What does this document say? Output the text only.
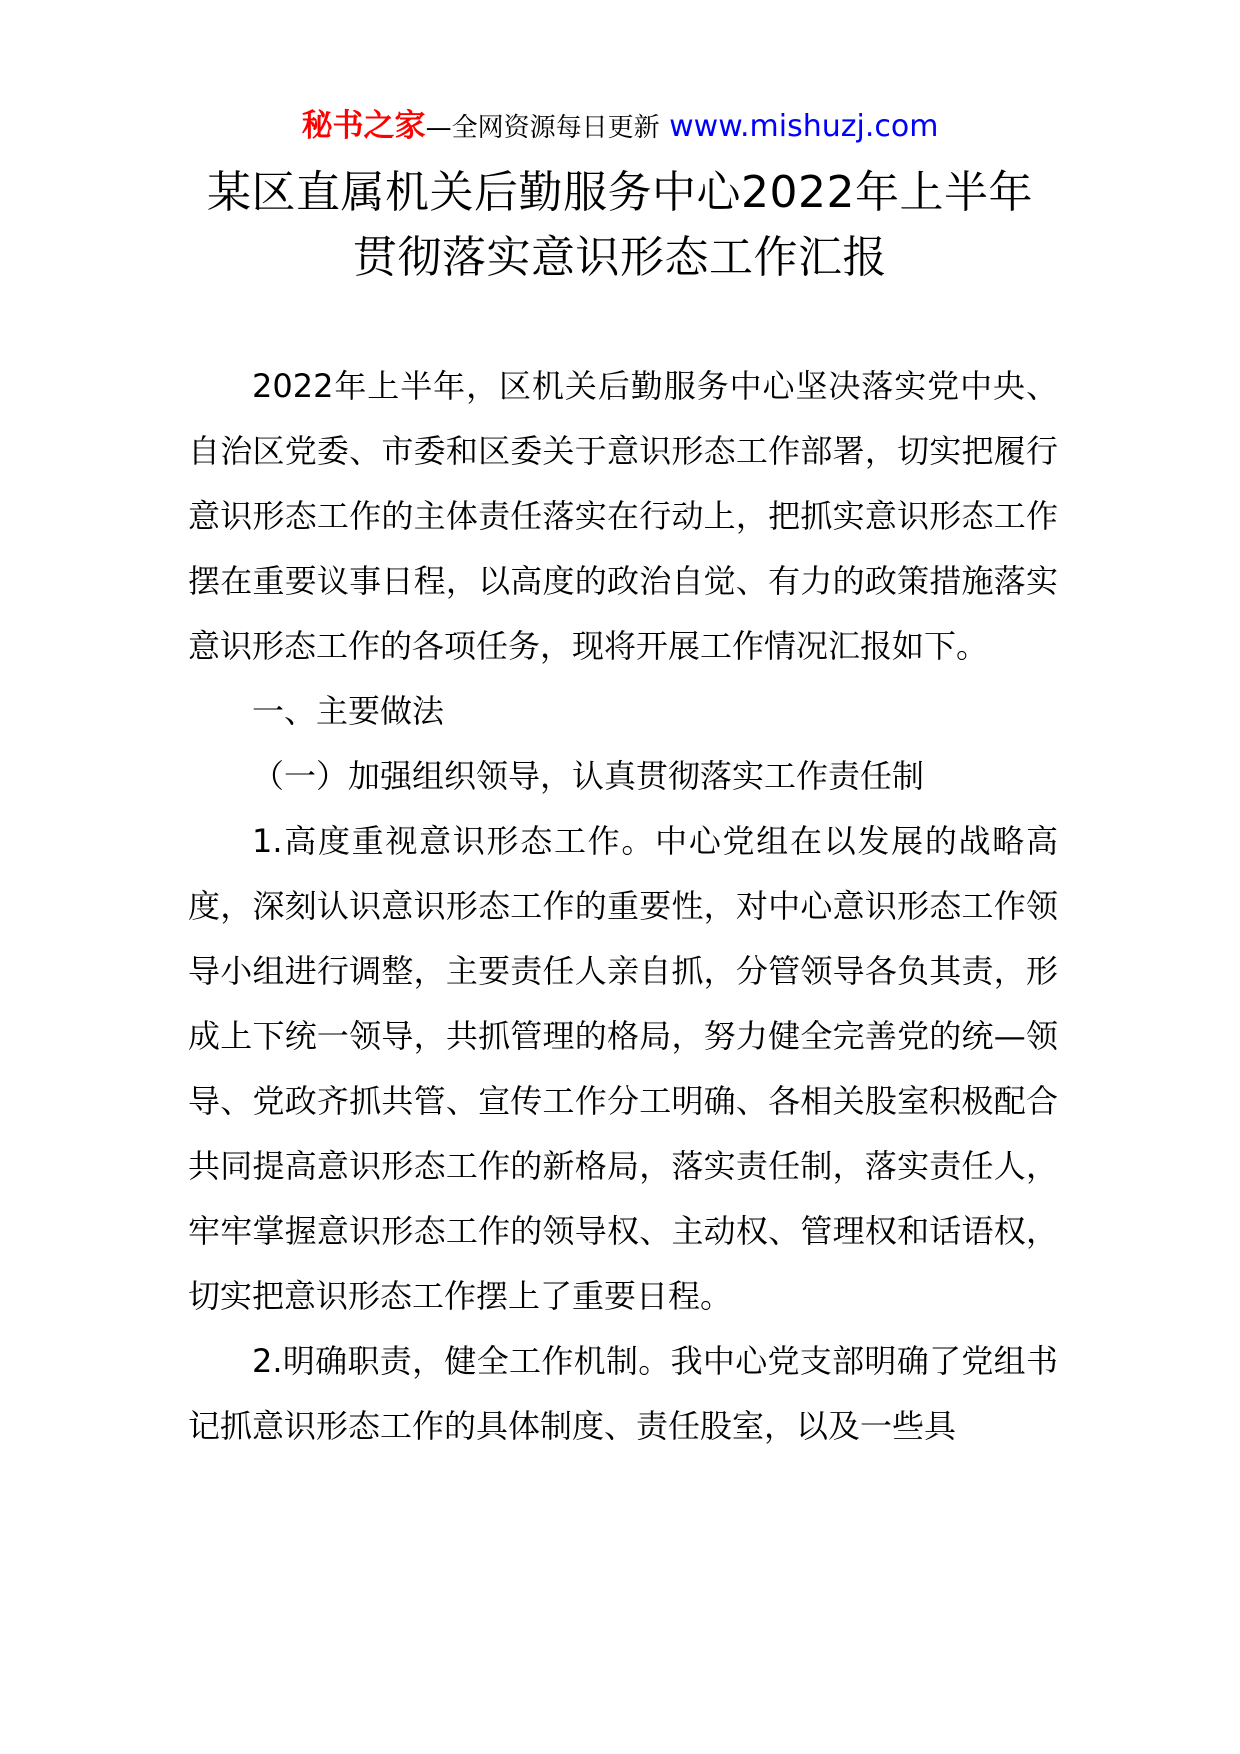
秘书之家—全网资源每日更新 www.mishuzj.com
某区直属机关后勤服务中心2022年上半年
贯彻落实意识形态工作汇报

2022年上半年，区机关后勤服务中心坚决落实党中央、自治区党委、市委和区委关于意识形态工作部署，切实把履行意识形态工作的主体责任落实在行动上，把抓实意识形态工作摆在重要议事日程，以高度的政治自觉、有力的政策措施落实意识形态工作的各项任务，现将开展工作情况汇报如下。

一、主要做法

（一）加强组织领导，认真贯彻落实工作责任制

1.高度重视意识形态工作。中心党组在以发展的战略高度，深刻认识意识形态工作的重要性，对中心意识形态工作领导小组进行调整，主要责任人亲自抓，分管领导各负其责，形成上下统一领导，共抓管理的格局，努力健全完善党的统—领导、党政齐抓共管、宣传工作分工明确、各相关股室积极配合共同提高意识形态工作的新格局，落实责任制，落实责任人，牢牢掌握意识形态工作的领导权、主动权、管理权和话语权，切实把意识形态工作摆上了重要日程。

2.明确职责，健全工作机制。我中心党支部明确了党组书记抓意识形态工作的具体制度、责任股室，以及一些具
